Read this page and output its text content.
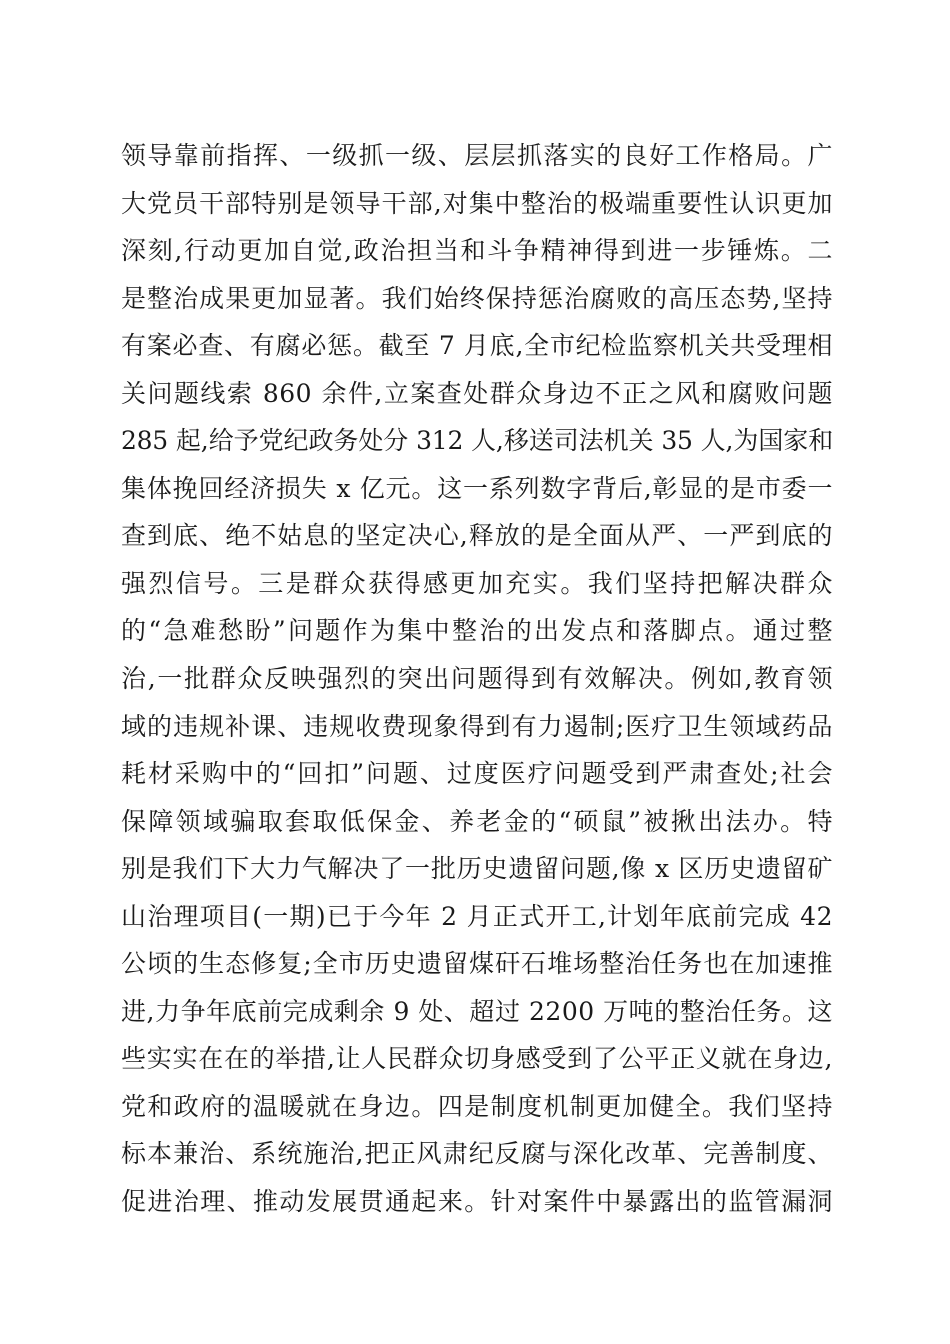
领导靠前指挥、一级抓一级、层层抓落实的良好工作格局。广
大党员干部特别是领导干部,对集中整治的极端重要性认识更加
深刻,行动更加自觉,政治担当和斗争精神得到进一步锤炼。二
是整治成果更加显著。我们始终保持惩治腐败的高压态势,坚持
有案必查、有腐必惩。截至 7 月底,全市纪检监察机关共受理相
关问题线索 860 余件,立案查处群众身边不正之风和腐败问题
285 起,给予党纪政务处分 312 人,移送司法机关 35 人,为国家和
集体挽回经济损失 x 亿元。这一系列数字背后,彰显的是市委一
查到底、绝不姑息的坚定决心,释放的是全面从严、一严到底的
强烈信号。三是群众获得感更加充实。我们坚持把解决群众
的“急难愁盼”问题作为集中整治的出发点和落脚点。通过整
治,一批群众反映强烈的突出问题得到有效解决。例如,教育领
域的违规补课、违规收费现象得到有力遏制;医疗卫生领域药品
耗材采购中的“回扣”问题、过度医疗问题受到严肃查处;社会
保障领域骗取套取低保金、养老金的“硕鼠”被揪出法办。特
别是我们下大力气解决了一批历史遗留问题,像 x 区历史遗留矿
山治理项目(一期)已于今年 2 月正式开工,计划年底前完成 42
公顷的生态修复;全市历史遗留煤矸石堆场整治任务也在加速推
进,力争年底前完成剩余 9 处、超过 2200 万吨的整治任务。这
些实实在在的举措,让人民群众切身感受到了公平正义就在身边,
党和政府的温暖就在身边。四是制度机制更加健全。我们坚持
标本兼治、系统施治,把正风肃纪反腐与深化改革、完善制度、
促进治理、推动发展贯通起来。针对案件中暴露出的监管漏洞
